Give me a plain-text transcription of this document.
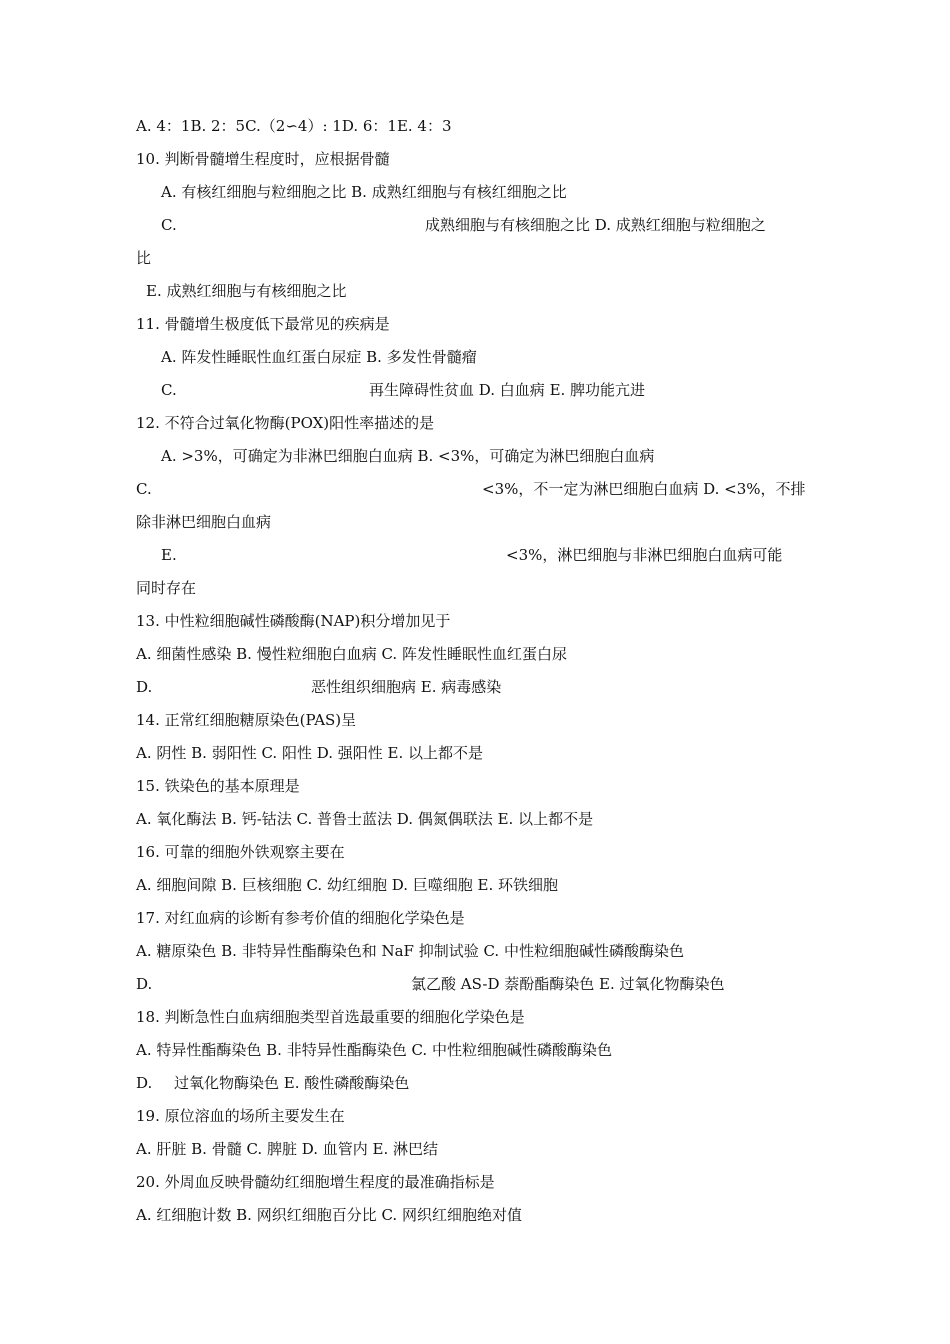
A. 4：1B. 2：5C.（2∽4）: 1D. 6：1E. 4：3
10. 判断骨髓增生程度时，应根据骨髓
A. 有核红细胞与粒细胞之比 B. 成熟红细胞与有核红细胞之比
C.	成熟细胞与有核细胞之比 D. 成熟红细胞与粒细胞之
比
E. 成熟红细胞与有核细胞之比
11. 骨髓增生极度低下最常见的疾病是
A. 阵发性睡眠性血红蛋白尿症 B. 多发性骨髓瘤
C.	再生障碍性贫血 D. 白血病 E. 脾功能亢进
12. 不符合过氧化物酶(POX)阳性率描述的是
A. >3%，可确定为非淋巴细胞白血病 B. <3%，可确定为淋巴细胞白血病
C.	<3%，不一定为淋巴细胞白血病 D. <3%，不排
除非淋巴细胞白血病
E.	<3%，淋巴细胞与非淋巴细胞白血病可能
同时存在
13. 中性粒细胞碱性磷酸酶(NAP)积分增加见于
A. 细菌性感染 B. 慢性粒细胞白血病 C. 阵发性睡眠性血红蛋白尿
D.	恶性组织细胞病 E. 病毒感染
14. 正常红细胞糖原染色(PAS)呈
A. 阴性 B. 弱阳性 C. 阳性 D. 强阳性 E. 以上都不是
15. 铁染色的基本原理是
A. 氧化酶法 B. 钙-钴法 C. 普鲁士蓝法 D. 偶氮偶联法 E. 以上都不是
16. 可靠的细胞外铁观察主要在
A. 细胞间隙 B. 巨核细胞 C. 幼红细胞 D. 巨噬细胞 E. 环铁细胞
17. 对红血病的诊断有参考价值的细胞化学染色是
A. 糖原染色 B. 非特异性酯酶染色和 NaF 抑制试验 C. 中性粒细胞碱性磷酸酶染色
D.	氯乙酸 AS-D 萘酚酯酶染色 E. 过氧化物酶染色
18. 判断急性白血病细胞类型首选最重要的细胞化学染色是
A. 特异性酯酶染色 B. 非特异性酯酶染色 C. 中性粒细胞碱性磷酸酶染色
D. 过氧化物酶染色 E. 酸性磷酸酶染色
19. 原位溶血的场所主要发生在
A. 肝脏 B. 骨髓 C. 脾脏 D. 血管内 E. 淋巴结
20. 外周血反映骨髓幼红细胞增生程度的最准确指标是
A. 红细胞计数 B. 网织红细胞百分比 C. 网织红细胞绝对值
